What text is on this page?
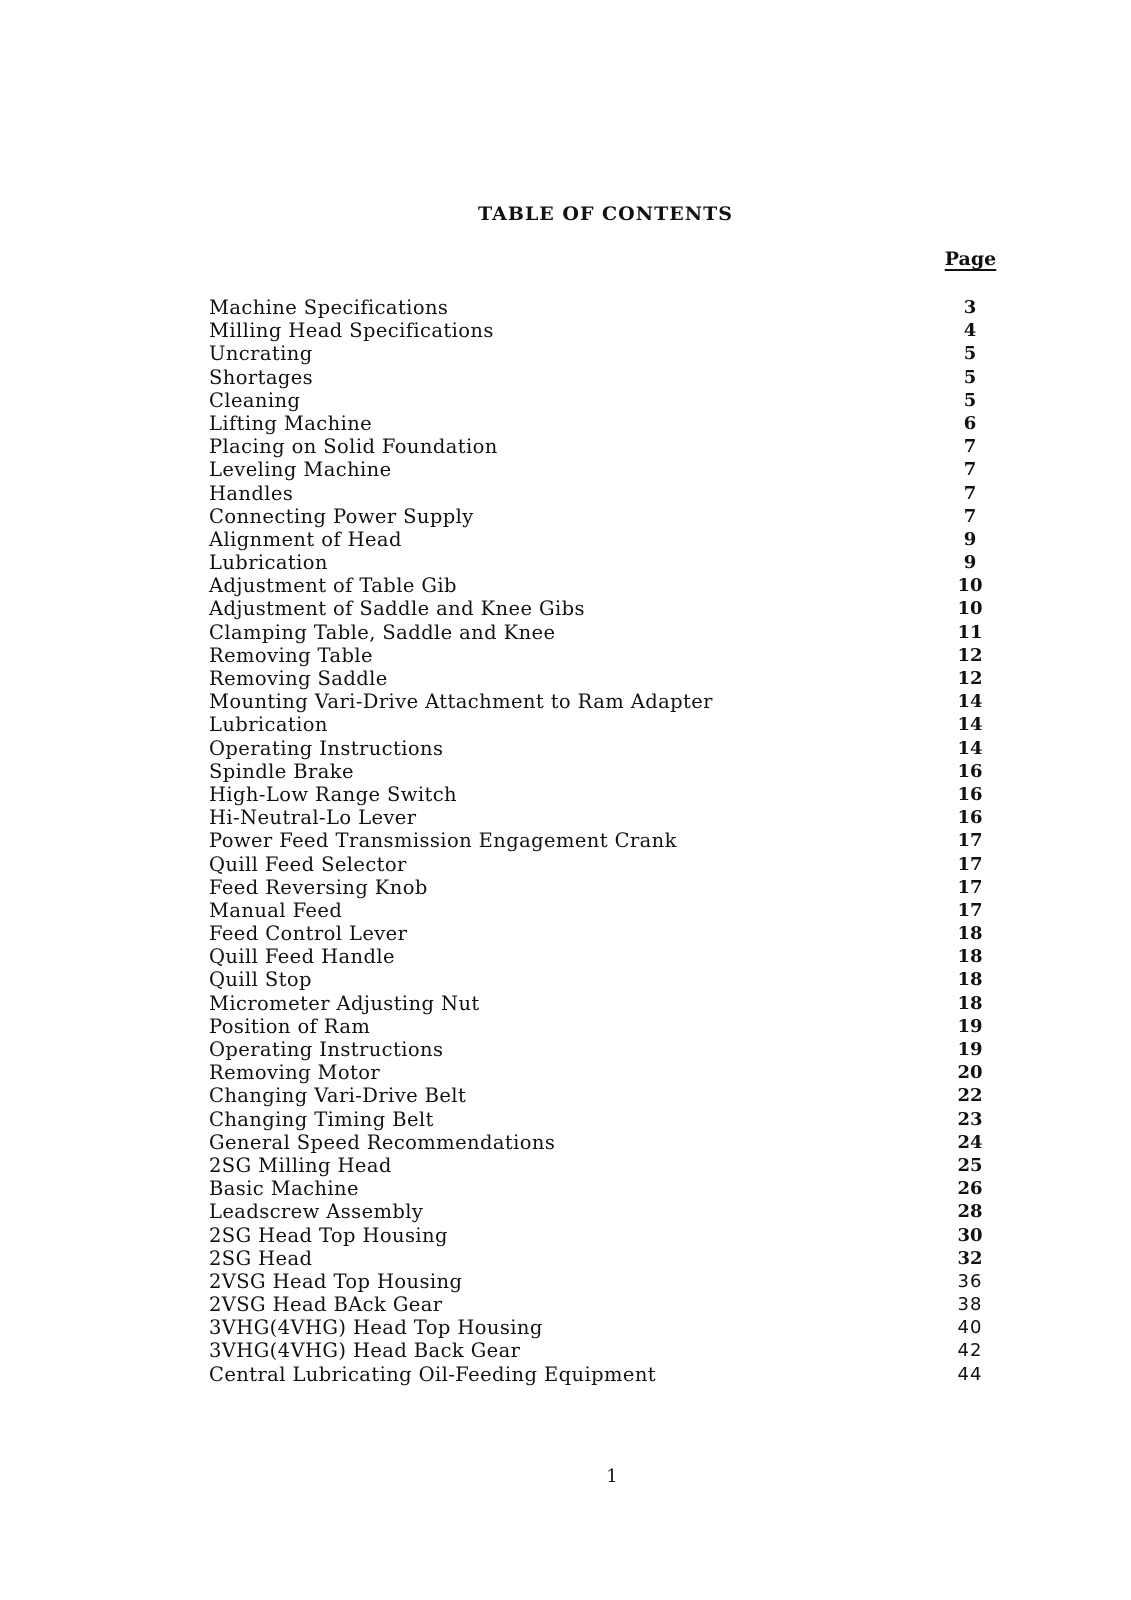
TABLE OF CONTENTS
Page
Machine Specifications	3
Milling Head Specifications	4
Uncrating	5
Shortages	5
Cleaning	5
Lifting Machine	6
Placing on Solid Foundation	7
Leveling Machine	7
Handles	7
Connecting Power Supply	7
Alignment of Head	9
Lubrication	9
Adjustment of Table Gib	10
Adjustment of Saddle and Knee Gibs	10
Clamping Table, Saddle and Knee	11
Removing Table	12
Removing Saddle	12
Mounting Vari-Drive Attachment to Ram Adapter	14
Lubrication	14
Operating Instructions	14
Spindle Brake	16
High-Low Range Switch	16
Hi-Neutral-Lo Lever	16
Power Feed Transmission Engagement Crank	17
Quill Feed Selector	17
Feed Reversing Knob	17
Manual Feed	17
Feed Control Lever	18
Quill Feed Handle	18
Quill Stop	18
Micrometer Adjusting Nut	18
Position of Ram	19
Operating Instructions	19
Removing Motor	20
Changing Vari-Drive Belt	22
Changing Timing Belt	23
General Speed Recommendations	24
2SG Milling Head	25
Basic Machine	26
Leadscrew Assembly	28
2SG Head Top Housing	30
2SG Head	32
2VSG Head Top Housing	36
2VSG Head BAck Gear	38
3VHG(4VHG) Head Top Housing	40
3VHG(4VHG) Head Back Gear	42
Central Lubricating Oil-Feeding Equipment	44
1
